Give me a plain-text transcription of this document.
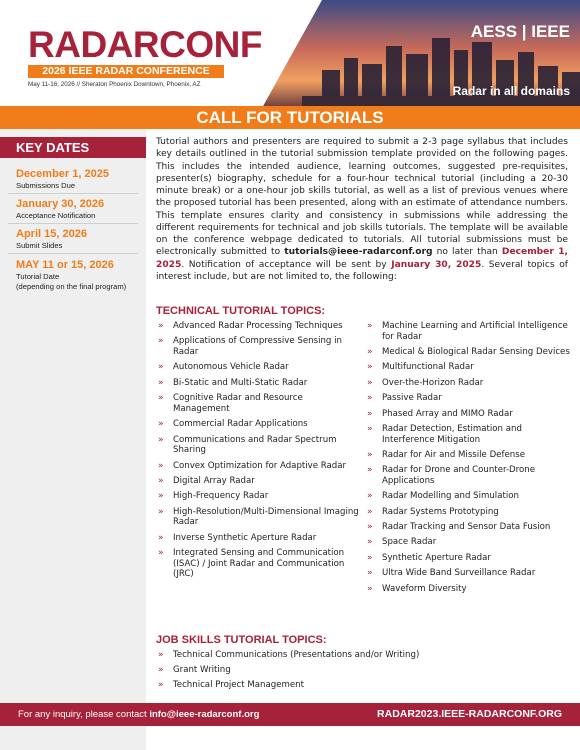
RADARCONF
2026 IEEE RADAR CONFERENCE
May 11-16, 2026 // Sheraton Phoenix Downtown, Phoenix, AZ
AESS | IEEE
Radar in all domains
CALL FOR TUTORIALS
KEY DATES
December 1, 2025
Submissions Due
January 30, 2026
Acceptance Notification
April 15, 2026
Submit Slides
MAY 11 or 15, 2026
Tutorial Date
(depending on the final program)
Tutorial authors and presenters are required to submit a 2-3 page syllabus that includes key details outlined in the tutorial submission template provided on the following pages. This includes the intended audience, learning outcomes, suggested pre-requisites, presenter(s) biography, schedule for a four-hour technical tutorial (including a 20-30 minute break) or a one-hour job skills tutorial, as well as a list of previous venues where the proposed tutorial has been presented, along with an estimate of attendance numbers. This template ensures clarity and consistency in submissions while addressing the different requirements for technical and job skills tutorials. The template will be available on the conference webpage dedicated to tutorials. All tutorial submissions must be electronically submitted to tutorials@ieee-radarconf.org no later than December 1, 2025. Notification of acceptance will be sent by January 30, 2025. Several topics of interest include, but are not limited to, the following:
TECHNICAL TUTORIAL TOPICS:
» Advanced Radar Processing Techniques
» Applications of Compressive Sensing in Radar
» Autonomous Vehicle Radar
» Bi-Static and Multi-Static Radar
» Cognitive Radar and Resource Management
» Commercial Radar Applications
» Communications and Radar Spectrum Sharing
» Convex Optimization for Adaptive Radar
» Digital Array Radar
» High-Frequency Radar
» High-Resolution/Multi-Dimensional Imaging Radar
» Inverse Synthetic Aperture Radar
» Integrated Sensing and Communication (ISAC) / Joint Radar and Communication (JRC)
» Machine Learning and Artificial Intelligence for Radar
» Medical & Biological Radar Sensing Devices
» Multifunctional Radar
» Over-the-Horizon Radar
» Passive Radar
» Phased Array and MIMO Radar
» Radar Detection, Estimation and Interference Mitigation
» Radar for Air and Missile Defense
» Radar for Drone and Counter-Drone Applications
» Radar Modelling and Simulation
» Radar Systems Prototyping
» Radar Tracking and Sensor Data Fusion
» Space Radar
» Synthetic Aperture Radar
» Ultra Wide Band Surveillance Radar
» Waveform Diversity
JOB SKILLS TUTORIAL TOPICS:
» Technical Communications (Presentations and/or Writing)
» Grant Writing
» Technical Project Management
For any inquiry, please contact info@ieee-radarconf.org	RADAR2023.IEEE-RADARCONF.ORG
